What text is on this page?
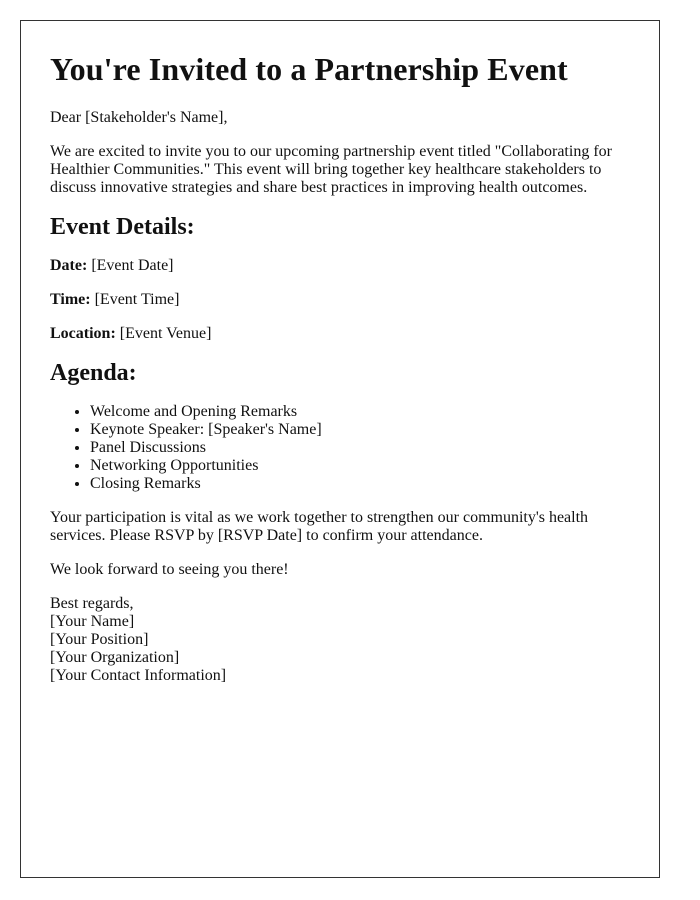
You're Invited to a Partnership Event

Dear [Stakeholder's Name],

We are excited to invite you to our upcoming partnership event titled "Collaborating for Healthier Communities." This event will bring together key healthcare stakeholders to discuss innovative strategies and share best practices in improving health outcomes.

Event Details:

Date: [Event Date]

Time: [Event Time]

Location: [Event Venue]

Agenda:
• Welcome and Opening Remarks
• Keynote Speaker: [Speaker's Name]
• Panel Discussions
• Networking Opportunities
• Closing Remarks

Your participation is vital as we work together to strengthen our community's health services. Please RSVP by [RSVP Date] to confirm your attendance.

We look forward to seeing you there!

Best regards,
[Your Name]
[Your Position]
[Your Organization]
[Your Contact Information]
